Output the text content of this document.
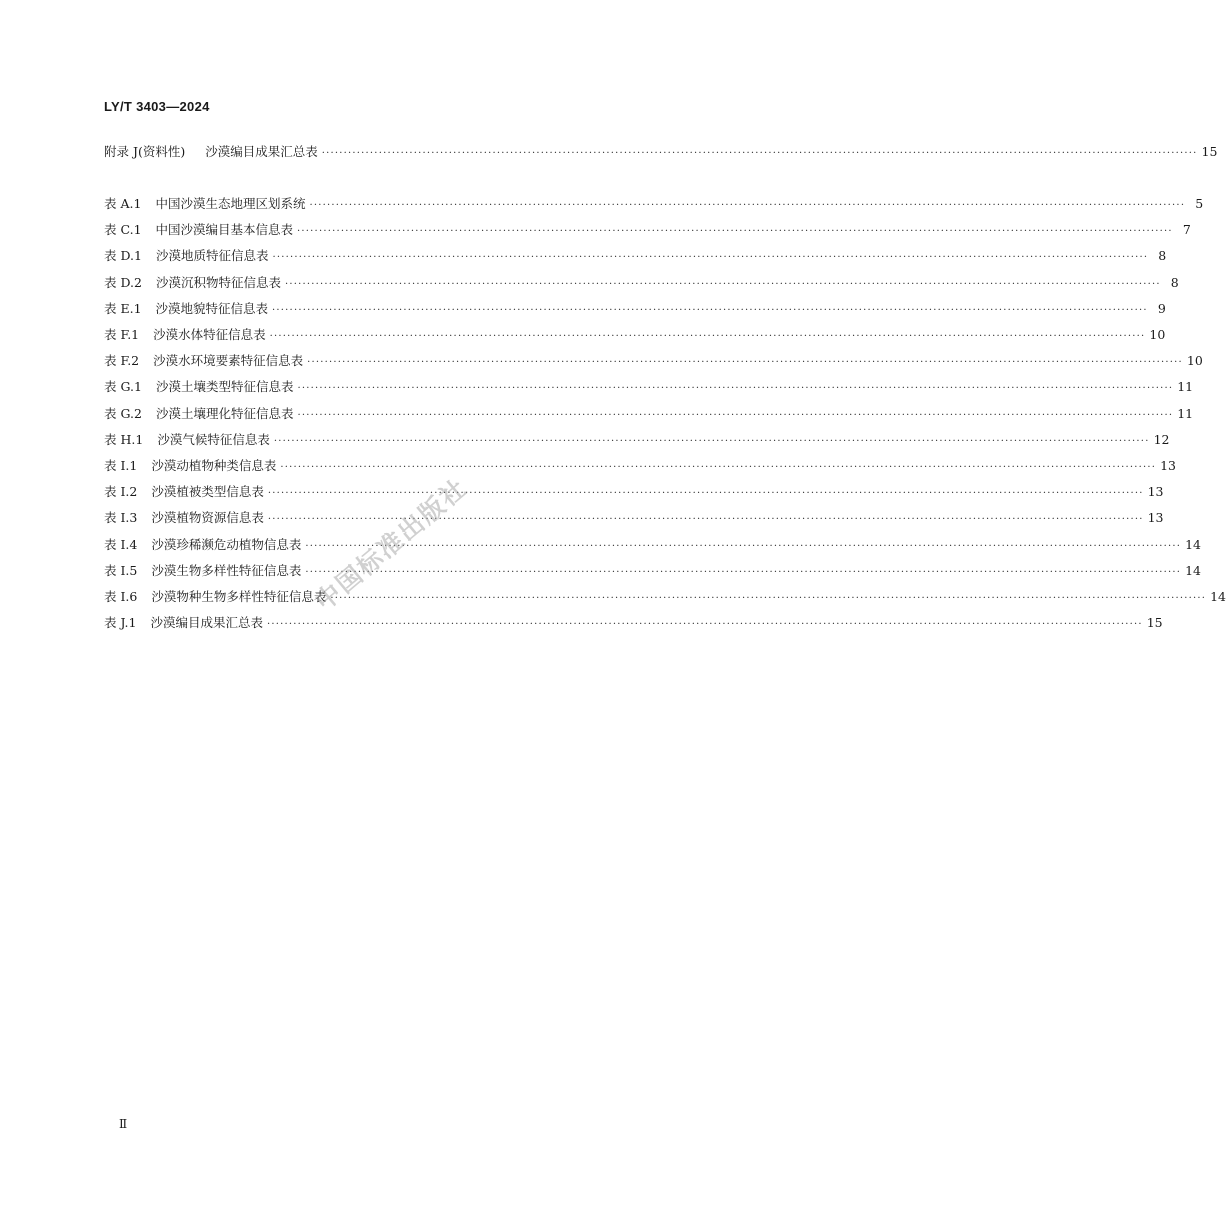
LY/T 3403—2024
附录 J(资料性) 沙漠编目成果汇总表 ········································································································································································································ 15
表 A.1 中国沙漠生态地理区划系统 ········································································································································································································ 5
表 C.1 中国沙漠编目基本信息表 ········································································································································································································ 7
表 D.1 沙漠地质特征信息表 ········································································································································································································ 8
表 D.2 沙漠沉积物特征信息表 ········································································································································································································ 8
表 E.1 沙漠地貌特征信息表 ········································································································································································································ 9
表 F.1 沙漠水体特征信息表 ········································································································································································································ 10
表 F.2 沙漠水环境要素特征信息表 ········································································································································································································ 10
表 G.1 沙漠土壤类型特征信息表 ········································································································································································································ 11
表 G.2 沙漠土壤理化特征信息表 ········································································································································································································ 11
表 H.1 沙漠气候特征信息表 ········································································································································································································ 12
表 I.1 沙漠动植物种类信息表 ········································································································································································································ 13
表 I.2 沙漠植被类型信息表 ········································································································································································································ 13
表 I.3 沙漠植物资源信息表 ········································································································································································································ 13
表 I.4 沙漠珍稀濒危动植物信息表 ········································································································································································································ 14
表 I.5 沙漠生物多样性特征信息表 ········································································································································································································ 14
表 I.6 沙漠物种生物多样性特征信息表 ········································································································································································································ 14
表 J.1 沙漠编目成果汇总表 ········································································································································································································ 15
中国标准出版社
Ⅱ
